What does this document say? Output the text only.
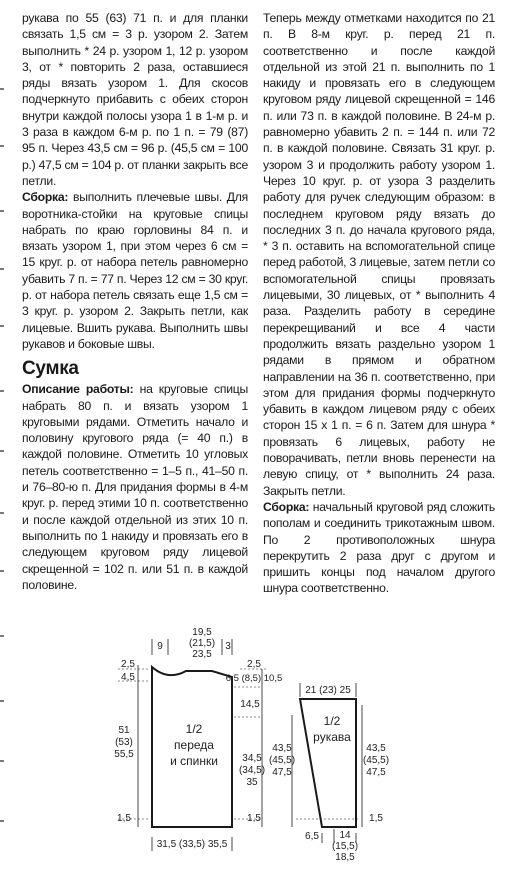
рукава по 55 (63) 71 п. и для планки связать 1,5 см = 3 р. узором 2. Затем выполнить * 24 р. узором 1, 12 р. узором 3, от * повторить 2 раза, оставшиеся ряды вязать узором 1. Для скосов подчеркнуто прибавить с обеих сторон внутри каждой полосы узора 1 в 1-м р. и 3 раза в каждом 6-м р. по 1 п. = 79 (87) 95 п. Через 43,5 см = 96 р. (45,5 см = 100 р.) 47,5 см = 104 р. от планки закрыть все петли.

Сборка: выполнить плечевые швы. Для воротника-стойки на круговые спицы набрать по краю горловины 84 п. и вязать узором 1, при этом через 6 см = 15 круг. р. от набора петель равномерно убавить 7 п. = 77 п. Через 12 см = 30 круг. р. от набора петель связать еще 1,5 см = 3 круг. р. узором 2. Закрыть петли, как лицевые. Вшить рукава. Выполнить швы рукавов и боковые швы.

Сумка

Описание работы: на круговые спицы набрать 80 п. и вязать узором 1 круговыми рядами. Отметить начало и половину кругового ряда (= 40 п.) в каждой половине. Отметить 10 угловых петель соответственно = 1–5 п., 41–50 п. и 76–80-ю п. Для придания формы в 4-м круг. р. перед этими 10 п. соответственно и после каждой отдельной из этих 10 п. выполнить по 1 накиду и провязать его в следующем круговом ряду лицевой скрещенной = 102 п. или 51 п. в каждой половине.

Теперь между отметками находится по 21 п. В 8-м круг. р. перед 21 п. соответственно и после каждой отдельной из этой 21 п. выполнить по 1 накиду и провязать его в следующем круговом ряду лицевой скрещенной = 146 п. или 73 п. в каждой половине. В 24-м р. равномерно убавить 2 п. = 144 п. или 72 п. в каждой половине. Связать 31 круг. р. узором 3 и продолжить работу узором 1. Через 10 круг. р. от узора 3 разделить работу для ручек следующим образом: в последнем круговом ряду вязать до последних 3 п. до начала кругового ряда, * 3 п. оставить на вспомогательной спице перед работой, 3 лицевые, затем петли со вспомогательной спицы провязать лицевыми, 30 лицевых, от * выполнить 4 раза. Разделить работу в середине перекрещиваний и все 4 части продолжить вязать раздельно узором 1 рядами в прямом и обратном направлении на 36 п. соответственно, при этом для придания формы подчеркнуто убавить в каждом лицевом ряду с обеих сторон 15 x 1 п. = 6 п. Затем для шнура * провязать 6 лицевых, работу не поворачивать, петли вновь перенести на левую спицу, от * выполнить 24 раза. Закрыть петли.

Сборка: начальный круговой ряд сложить пополам и соединить трикотажным швом. По 2 противоположных шнура перекрутить 2 раза друг с другом и пришить концы под началом другого шнура соответственно.

9
19,5
(21,5)
23,5
3
2,5
4,5
2,5
6,5 (8,5) 10,5
14,5
51
(53)
55,5
1/2
переда
и спинки 34,5
(34,5)
35
1,5	1,5
31,5 (33,5) 35,5
21 (23) 25
1/2
рукава
43,5
(45,5)
47,5
43,5
(45,5)
47,5
1,5
6,5 14
(15,5)
18,5
